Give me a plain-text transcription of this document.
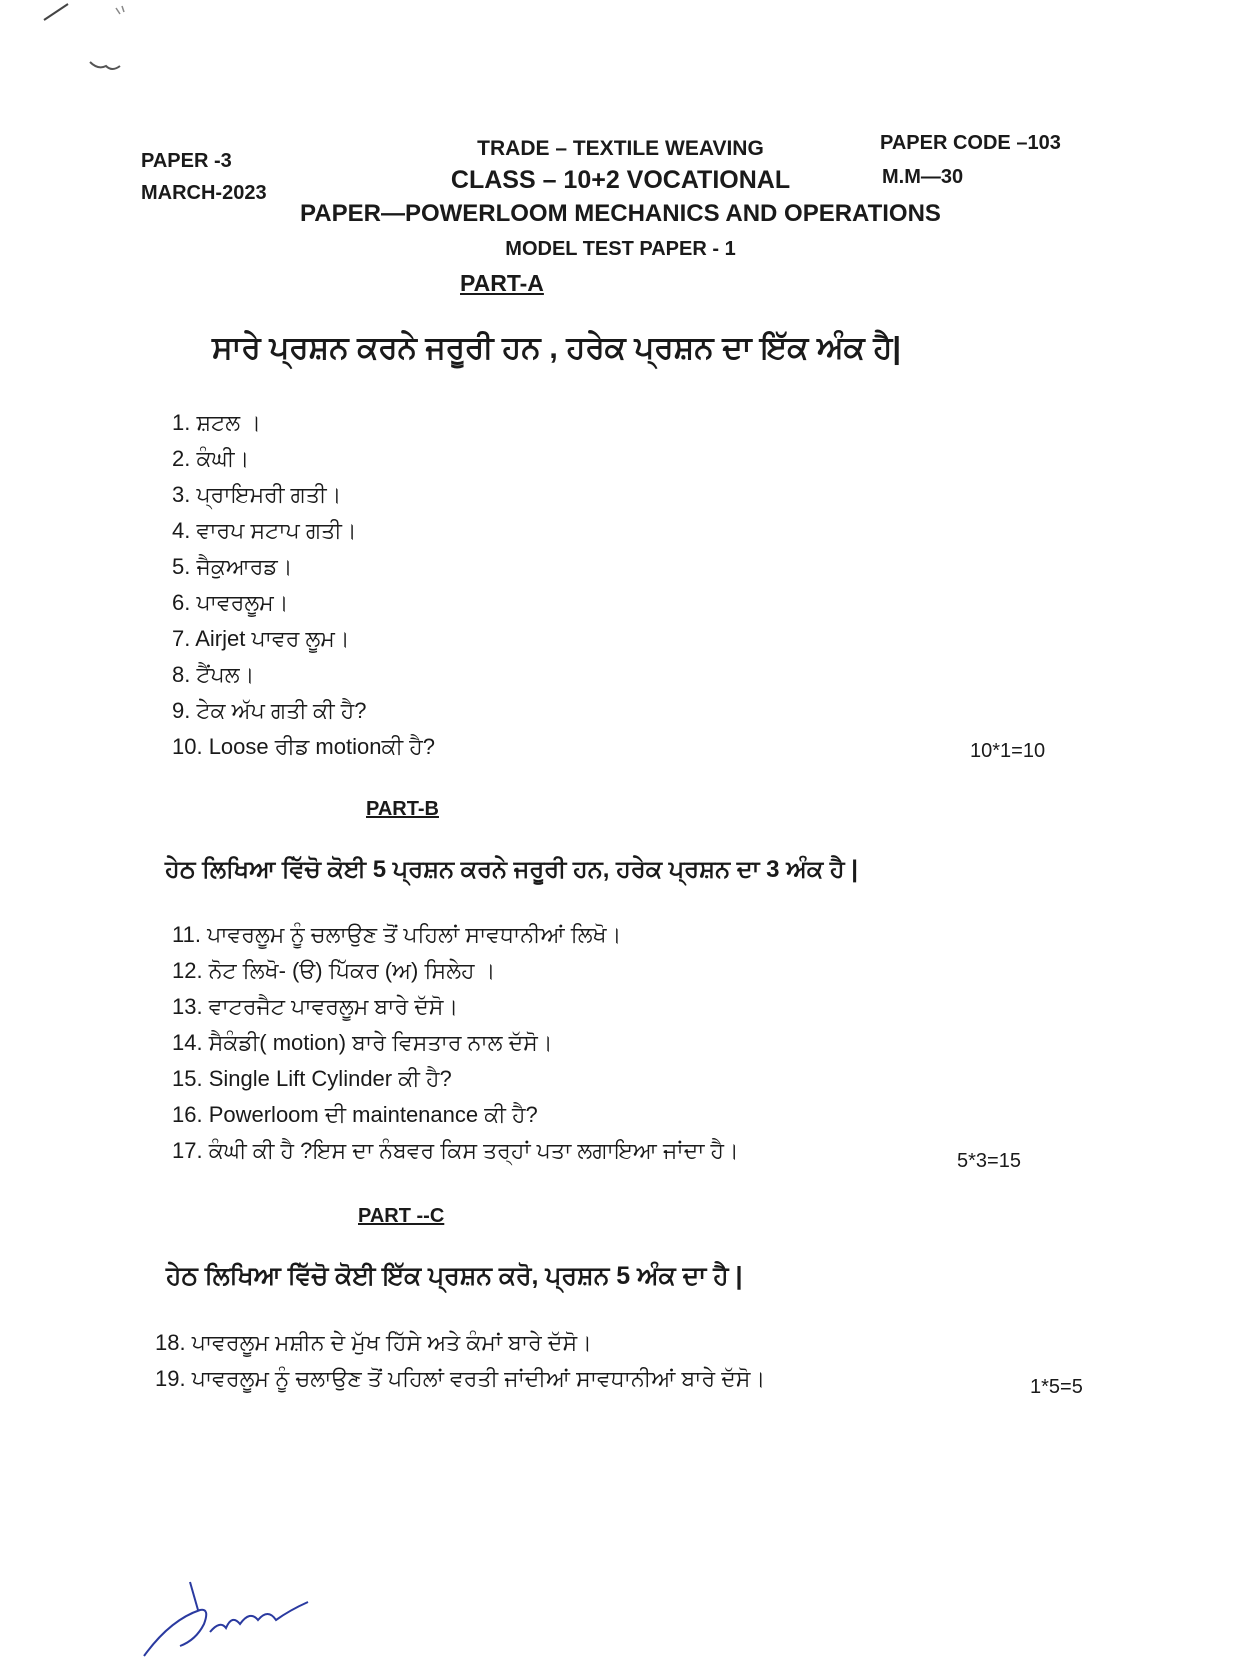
PAPER -3
MARCH-2023
PAPER CODE –103
M.M—30
TRADE – TEXTILE WEAVING
CLASS – 10+2 VOCATIONAL
PAPER—POWERLOOM MECHANICS AND OPERATIONS
MODEL TEST PAPER - 1
PART-A
ਸਾਰੇ ਪ੍ਰਸ਼ਨ ਕਰਨੇ ਜਰੂਰੀ ਹਨ , ਹਰੇਕ ਪ੍ਰਸ਼ਨ ਦਾ ਇੱਕ ਅੰਕ ਹੈ|
1. ਸ਼ਟਲ ।
2. ਕੰਘੀ।
3. ਪ੍ਰਾਇਮਰੀ ਗਤੀ।
4. ਵਾਰਪ ਸਟਾਪ ਗਤੀ।
5. ਜੈਕੁਆਰਡ।
6. ਪਾਵਰਲੂਮ।
7. Airjet ਪਾਵਰ ਲੂਮ।
8. ਟੈਂਪਲ।
9. ਟੇਕ ਅੱਪ ਗਤੀ ਕੀ ਹੈ?
10. Loose ਰੀਡ motionਕੀ ਹੈ?	10*1=10
PART-B
ਹੇਠ ਲਿਖਿਆ ਵਿੱਚੋ ਕੋਈ 5 ਪ੍ਰਸ਼ਨ ਕਰਨੇ ਜਰੂਰੀ ਹਨ, ਹਰੇਕ ਪ੍ਰਸ਼ਨ ਦਾ 3 ਅੰਕ ਹੈ |
11. ਪਾਵਰਲੂਮ ਨੂੰ ਚਲਾਉਣ ਤੋਂ ਪਹਿਲਾਂ ਸਾਵਧਾਨੀਆਂ ਲਿਖੋ।
12. ਨੋਟ ਲਿਖੋ- (ੳ) ਪਿੱਕਰ (ਅ) ਸਿਲੇਹ ।
13. ਵਾਟਰਜੈਟ ਪਾਵਰਲੂਮ ਬਾਰੇ ਦੱਸੋ।
14. ਸੈਕੰਡੀ( motion) ਬਾਰੇ ਵਿਸਤਾਰ ਨਾਲ ਦੱਸੋ।
15. Single Lift Cylinder ਕੀ ਹੈ?
16. Powerloom ਦੀ maintenance ਕੀ ਹੈ?
17. ਕੰਘੀ ਕੀ ਹੈ ?ਇਸ ਦਾ ਨੰਬਵਰ ਕਿਸ ਤਰ੍ਹਾਂ ਪਤਾ ਲਗਾਇਆ ਜਾਂਦਾ ਹੈ।	5*3=15
PART --C
ਹੇਠ ਲਿਖਿਆ ਵਿੱਚੋ ਕੋਈ ਇੱਕ ਪ੍ਰਸ਼ਨ ਕਰੋ, ਪ੍ਰਸ਼ਨ 5 ਅੰਕ ਦਾ ਹੈ |
18. ਪਾਵਰਲੂਮ ਮਸ਼ੀਨ ਦੇ ਮੁੱਖ ਹਿੱਸੇ ਅਤੇ ਕੰਮਾਂ ਬਾਰੇ ਦੱਸੋ।
19. ਪਾਵਰਲੂਮ ਨੂੰ ਚਲਾਉਣ ਤੋਂ ਪਹਿਲਾਂ ਵਰਤੀ ਜਾਂਦੀਆਂ ਸਾਵਧਾਨੀਆਂ ਬਾਰੇ ਦੱਸੋ।	1*5=5
